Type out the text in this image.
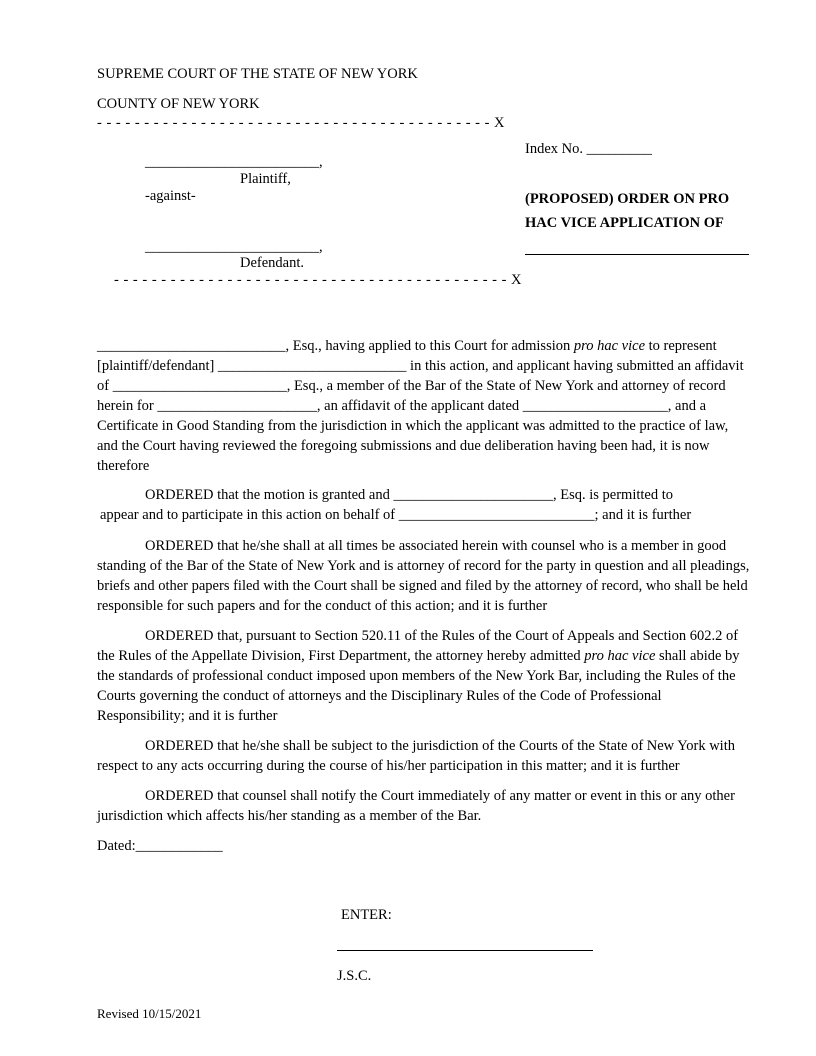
SUPREME COURT OF THE STATE OF NEW YORK
COUNTY OF NEW YORK
- - - - - - - - - - - - - - - - - - - - - - - - - - - - - - - - - - - - - - - - - - X
________________________,
Plaintiff,
-against-
________________________,
Defendant.
- - - - - - - - - - - - - - - - - - - - - - - - - - - - - - - - - - - - - - - - - - X
Index No. _________
(PROPOSED) ORDER ON PRO
HAC VICE APPLICATION OF

__________________________, Esq., having applied to this Court for admission pro hac vice to represent [plaintiff/defendant] __________________________ in this action, and applicant having submitted an affidavit of ________________________, Esq., a member of the Bar of the State of New York and attorney of record herein for ______________________, an affidavit of the applicant dated ____________________, and a Certificate in Good Standing from the jurisdiction in which the applicant was admitted to the practice of law, and the Court having reviewed the foregoing submissions and due deliberation having been had, it is now therefore

ORDERED that the motion is granted and ______________________, Esq. is permitted to
appear and to participate in this action on behalf of ___________________________; and it is further

ORDERED that he/she shall at all times be associated herein with counsel who is a member in good standing of the Bar of the State of New York and is attorney of record for the party in question and all pleadings, briefs and other papers filed with the Court shall be signed and filed by the attorney of record, who shall be held responsible for such papers and for the conduct of this action; and it is further

ORDERED that, pursuant to Section 520.11 of the Rules of the Court of Appeals and Section 602.2 of the Rules of the Appellate Division, First Department, the attorney hereby admitted pro hac vice shall abide by the standards of professional conduct imposed upon members of the New York Bar, including the Rules of the Courts governing the conduct of attorneys and the Disciplinary Rules of the Code of Professional Responsibility; and it is further

ORDERED that he/she shall be subject to the jurisdiction of the Courts of the State of New York with respect to any acts occurring during the course of his/her participation in this matter; and it is further

ORDERED that counsel shall notify the Court immediately of any matter or event in this or any other jurisdiction which affects his/her standing as a member of the Bar.

Dated:____________
ENTER:
J.S.C.
Revised 10/15/2021
